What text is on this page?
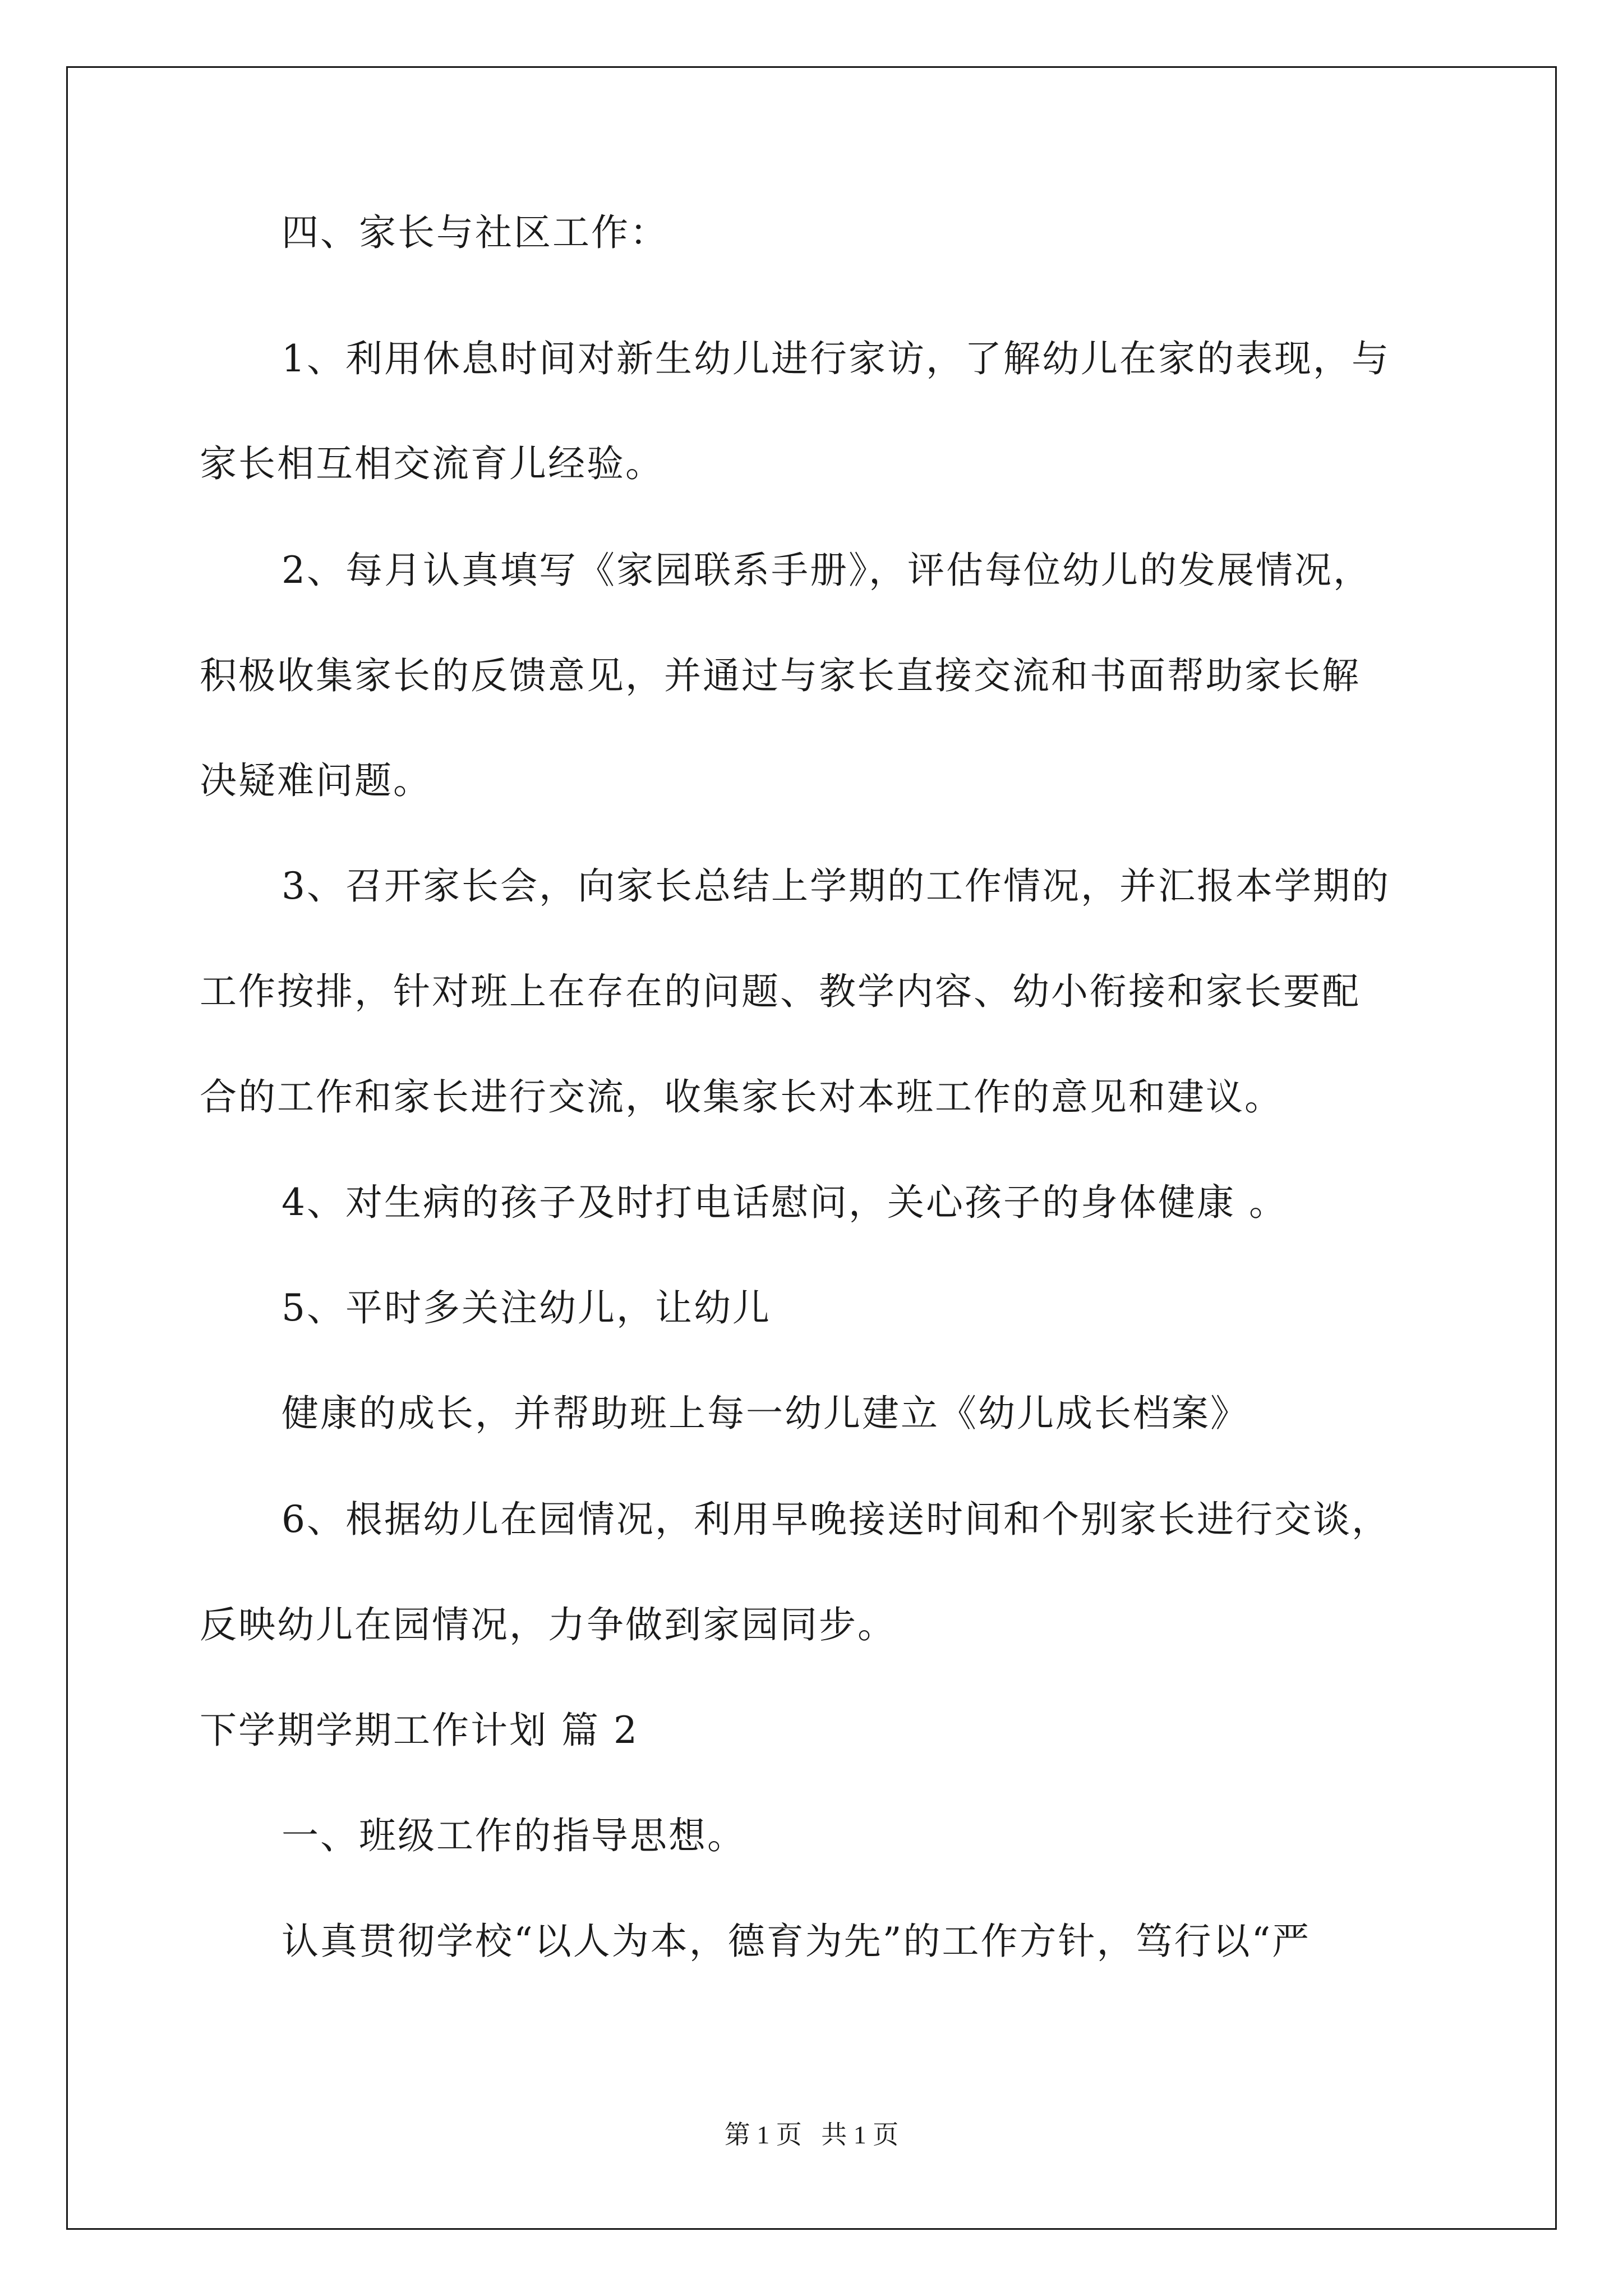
四、家长与社区工作：

1、利用休息时间对新生幼儿进行家访，了解幼儿在家的表现，与

家长相互相交流育儿经验。

2、每月认真填写《家园联系手册》，评估每位幼儿的发展情况，

积极收集家长的反馈意见，并通过与家长直接交流和书面帮助家长解

决疑难问题。

3、召开家长会，向家长总结上学期的工作情况，并汇报本学期的

工作按排，针对班上在存在的问题、教学内容、幼小衔接和家长要配

合的工作和家长进行交流，收集家长对本班工作的意见和建议。

4、对生病的孩子及时打电话慰问，关心孩子的身体健康 。

5、平时多关注幼儿，让幼儿

健康的成长，并帮助班上每一幼儿建立《幼儿成长档案》

6、根据幼儿在园情况，利用早晚接送时间和个别家长进行交谈，

反映幼儿在园情况，力争做到家园同步。

下学期学期工作计划 篇 2

一、班级工作的指导思想。

认真贯彻学校“以人为本，德育为先”的工作方针，笃行以“严

第 1 页   共 1 页
